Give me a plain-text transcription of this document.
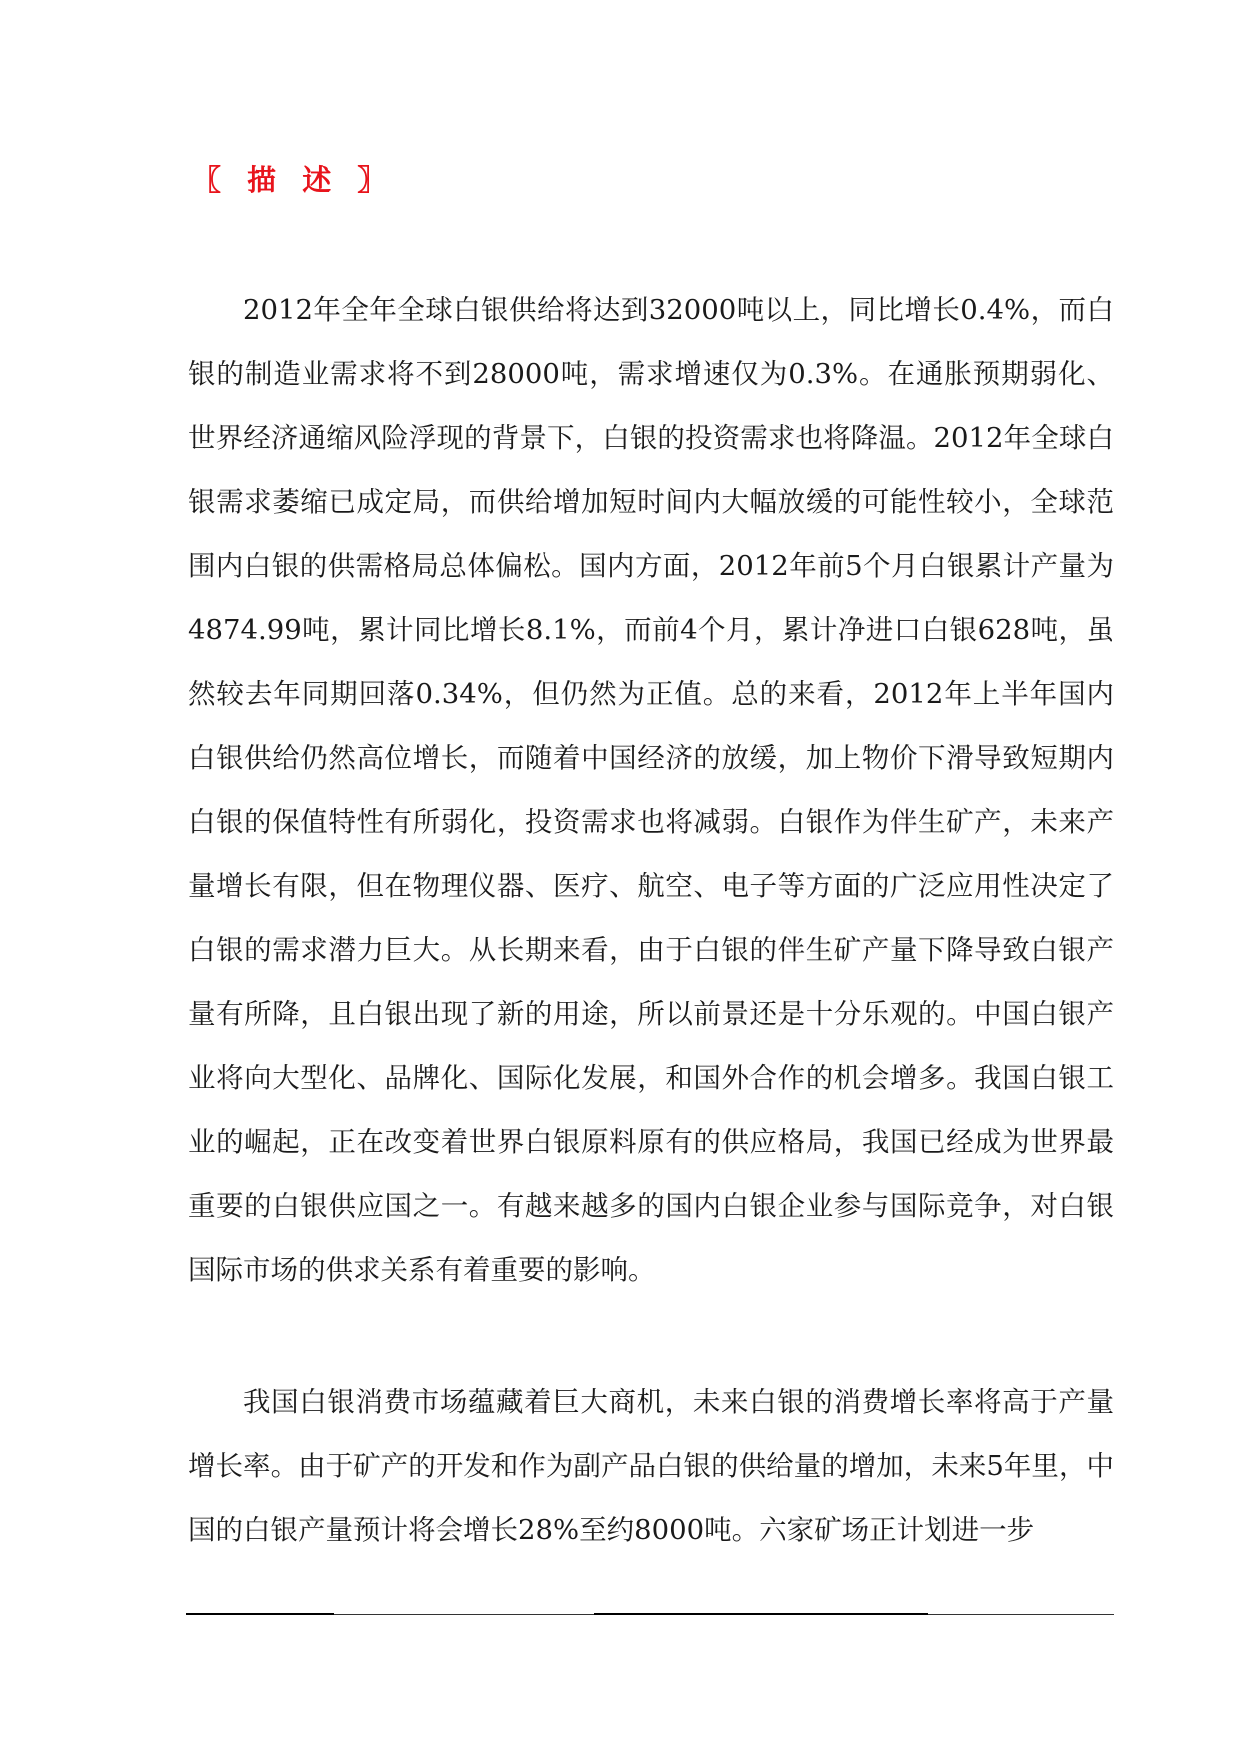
〖 描 述 〗

2012年全年全球白银供给将达到32000吨以上，同比增长0.4%，而白银的制造业需求将不到28000吨，需求增速仅为0.3%。在通胀预期弱化、世界经济通缩风险浮现的背景下，白银的投资需求也将降温。2012年全球白银需求萎缩已成定局，而供给增加短时间内大幅放缓的可能性较小，全球范围内白银的供需格局总体偏松。国内方面，2012年前5个月白银累计产量为4874.99吨，累计同比增长8.1%，而前4个月，累计净进口白银628吨，虽然较去年同期回落0.34%，但仍然为正值。总的来看，2012年上半年国内白银供给仍然高位增长，而随着中国经济的放缓，加上物价下滑导致短期内白银的保值特性有所弱化，投资需求也将减弱。白银作为伴生矿产，未来产量增长有限，但在物理仪器、医疗、航空、电子等方面的广泛应用性决定了白银的需求潜力巨大。从长期来看，由于白银的伴生矿产量下降导致白银产量有所降，且白银出现了新的用途，所以前景还是十分乐观的。中国白银产业将向大型化、品牌化、国际化发展，和国外合作的机会增多。我国白银工业的崛起，正在改变着世界白银原料原有的供应格局，我国已经成为世界最重要的白银供应国之一。有越来越多的国内白银企业参与国际竞争，对白银国际市场的供求关系有着重要的影响。

我国白银消费市场蕴藏着巨大商机，未来白银的消费增长率将高于产量增长率。由于矿产的开发和作为副产品白银的供给量的增加，未来5年里，中国的白银产量预计将会增长28%至约8000吨。六家矿场正计划进一步
